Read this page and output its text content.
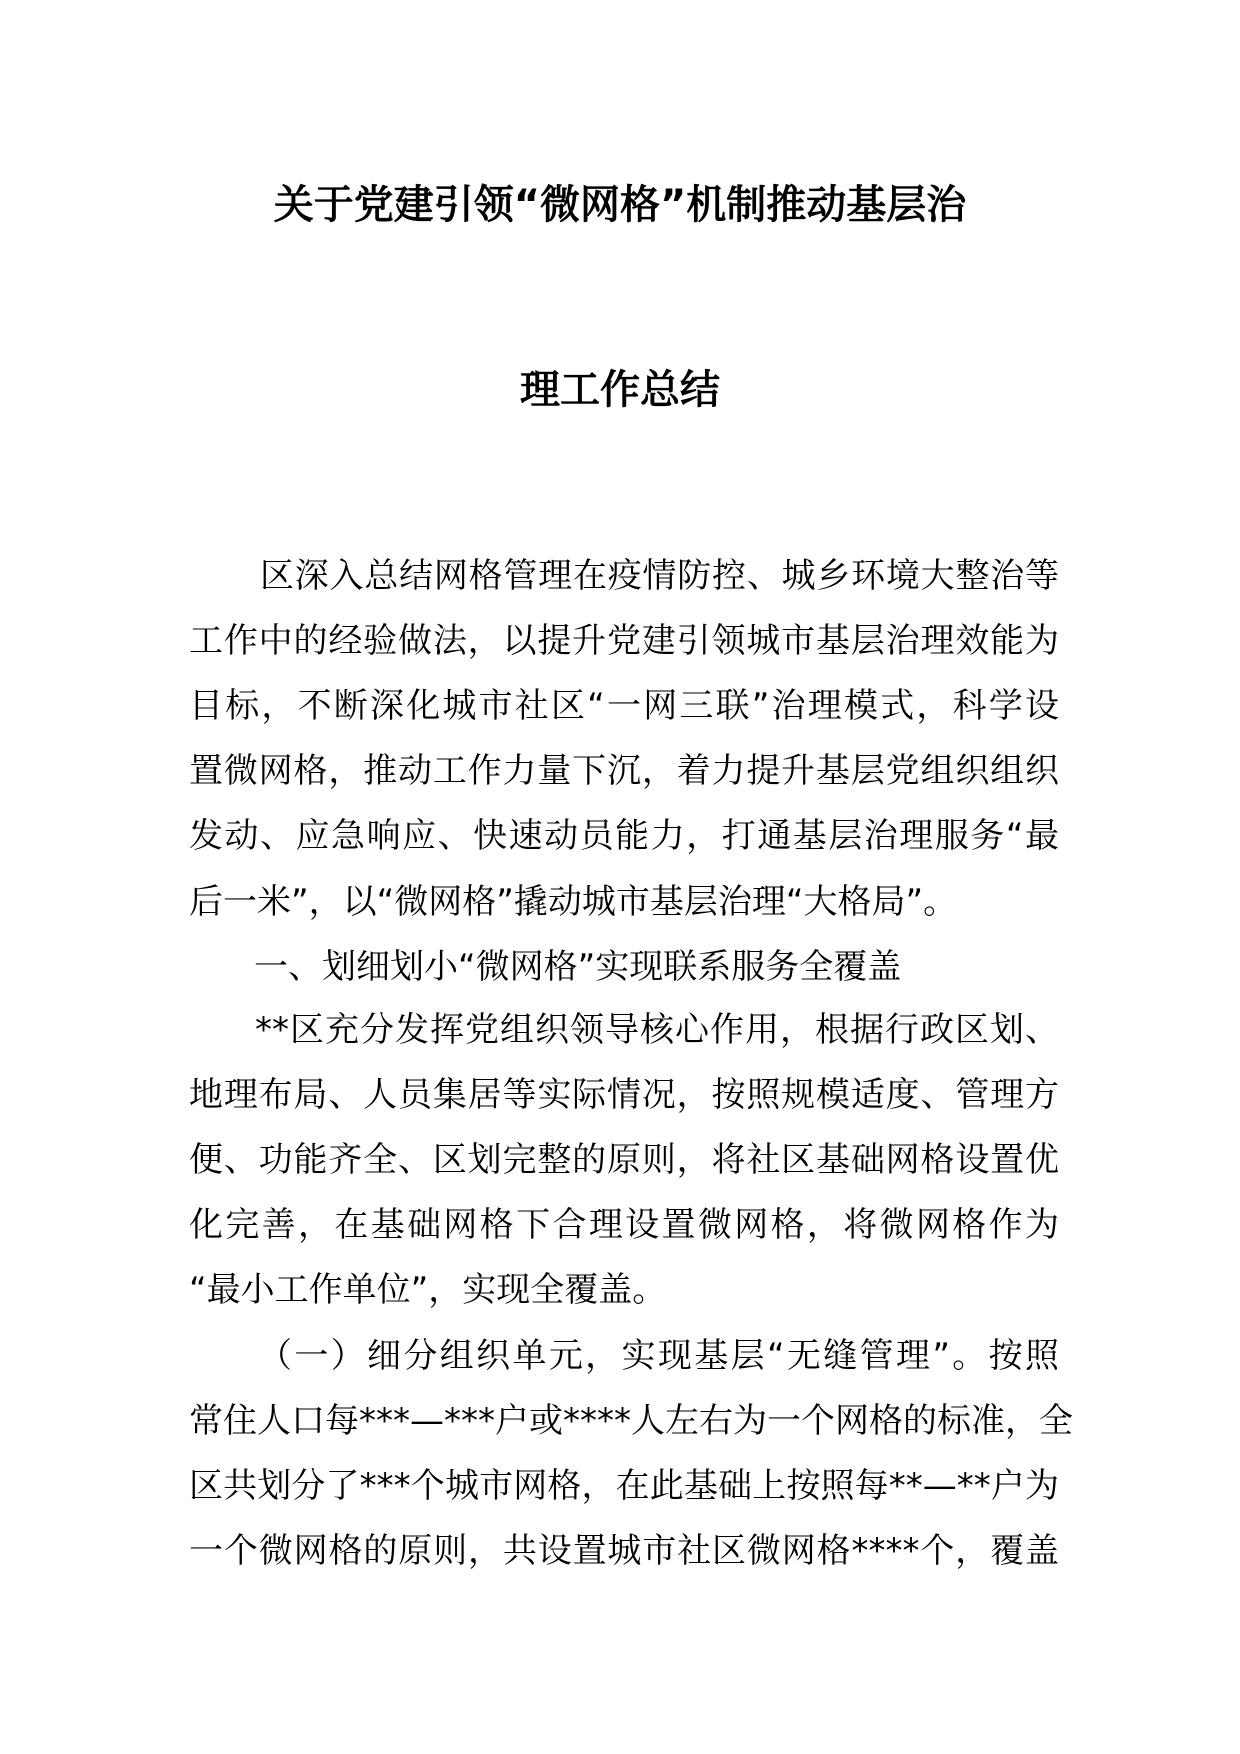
关于党建引领“微网格”机制推动基层治
理工作总结
区深入总结网格管理在疫情防控、城乡环境大整治等
工作中的经验做法，以提升党建引领城市基层治理效能为
目标，不断深化城市社区“一网三联”治理模式，科学设
置微网格，推动工作力量下沉，着力提升基层党组织组织
发动、应急响应、快速动员能力，打通基层治理服务“最
后一米”，以“微网格”撬动城市基层治理“大格局”。
一、划细划小“微网格”实现联系服务全覆盖
**区充分发挥党组织领导核心作用，根据行政区划、
地理布局、人员集居等实际情况，按照规模适度、管理方
便、功能齐全、区划完整的原则，将社区基础网格设置优
化完善，在基础网格下合理设置微网格，将微网格作为
“最小工作单位”，实现全覆盖。
（一）细分组织单元，实现基层“无缝管理”。按照
常住人口每***—***户或****人左右为一个网格的标准，全
区共划分了***个城市网格，在此基础上按照每**—**户为
一个微网格的原则，共设置城市社区微网格****个，覆盖
